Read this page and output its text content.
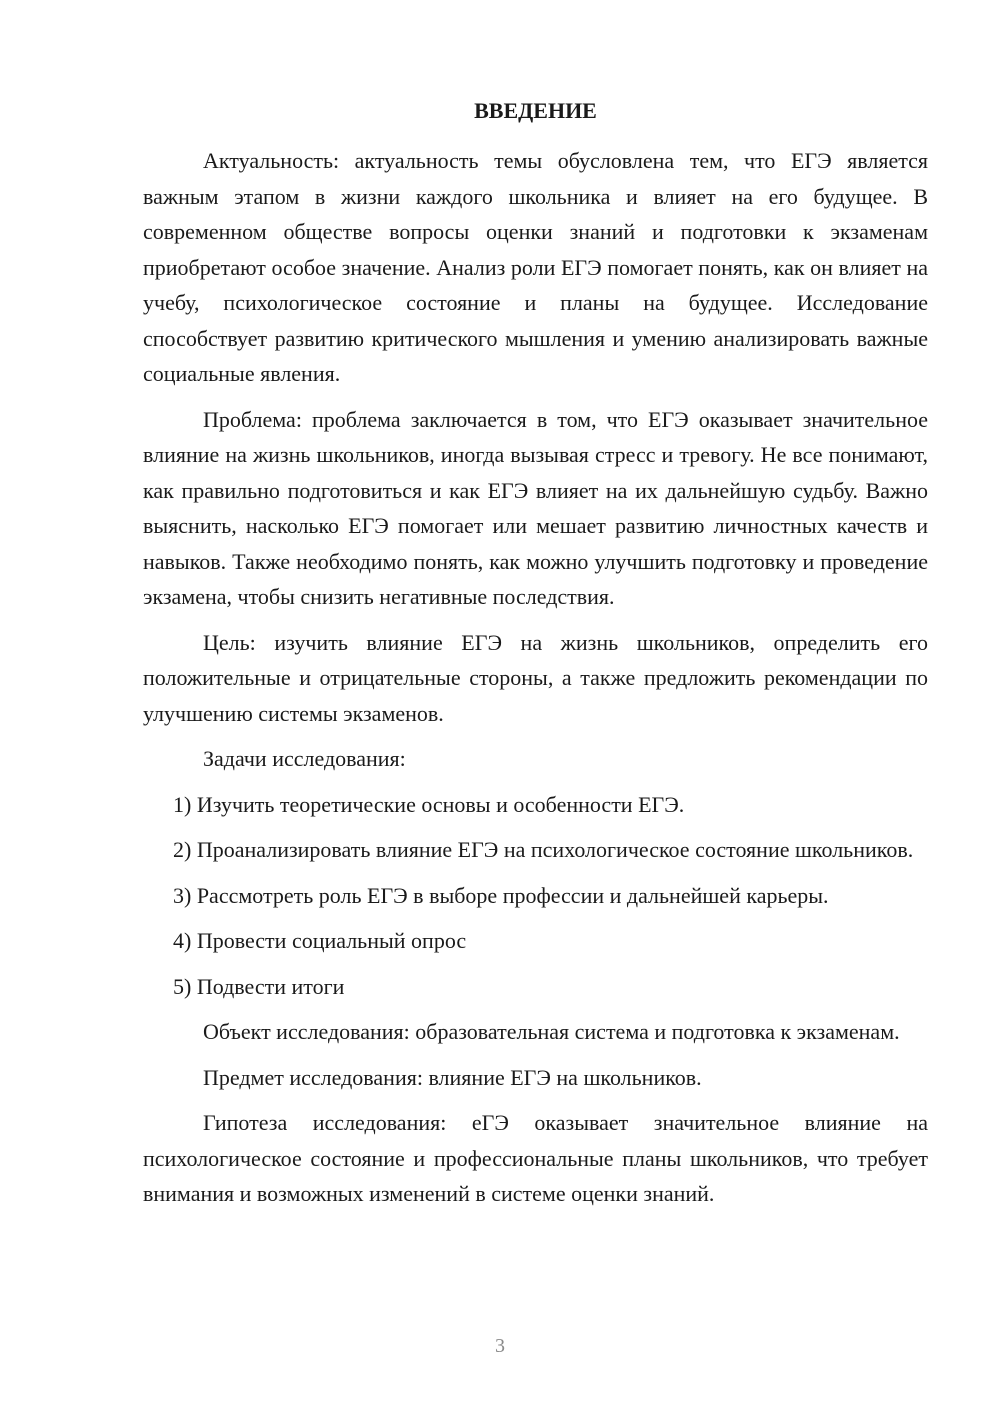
ВВЕДЕНИЕ

Актуальность: актуальность темы обусловлена тем, что ЕГЭ является важным этапом в жизни каждого школьника и влияет на его будущее. В современном обществе вопросы оценки знаний и подготовки к экзаменам приобретают особое значение. Анализ роли ЕГЭ помогает понять, как он влияет на учебу, психологическое состояние и планы на будущее. Исследование способствует развитию критического мышления и умению анализировать важные социальные явления.

Проблема: проблема заключается в том, что ЕГЭ оказывает значительное влияние на жизнь школьников, иногда вызывая стресс и тревогу. Не все понимают, как правильно подготовиться и как ЕГЭ влияет на их дальнейшую судьбу. Важно выяснить, насколько ЕГЭ помогает или мешает развитию личностных качеств и навыков. Также необходимо понять, как можно улучшить подготовку и проведение экзамена, чтобы снизить негативные последствия.

Цель: изучить влияние ЕГЭ на жизнь школьников, определить его положительные и отрицательные стороны, а также предложить рекомендации по улучшению системы экзаменов.

Задачи исследования:

1) Изучить теоретические основы и особенности ЕГЭ.

2) Проанализировать влияние ЕГЭ на психологическое состояние школьников.

3) Рассмотреть роль ЕГЭ в выборе профессии и дальнейшей карьеры.

4) Провести социальный опрос

5) Подвести итоги

Объект исследования: образовательная система и подготовка к экзаменам.

Предмет исследования: влияние ЕГЭ на школьников.

Гипотеза исследования: еГЭ оказывает значительное влияние на психологическое состояние и профессиональные планы школьников, что требует внимания и возможных изменений в системе оценки знаний.

3
